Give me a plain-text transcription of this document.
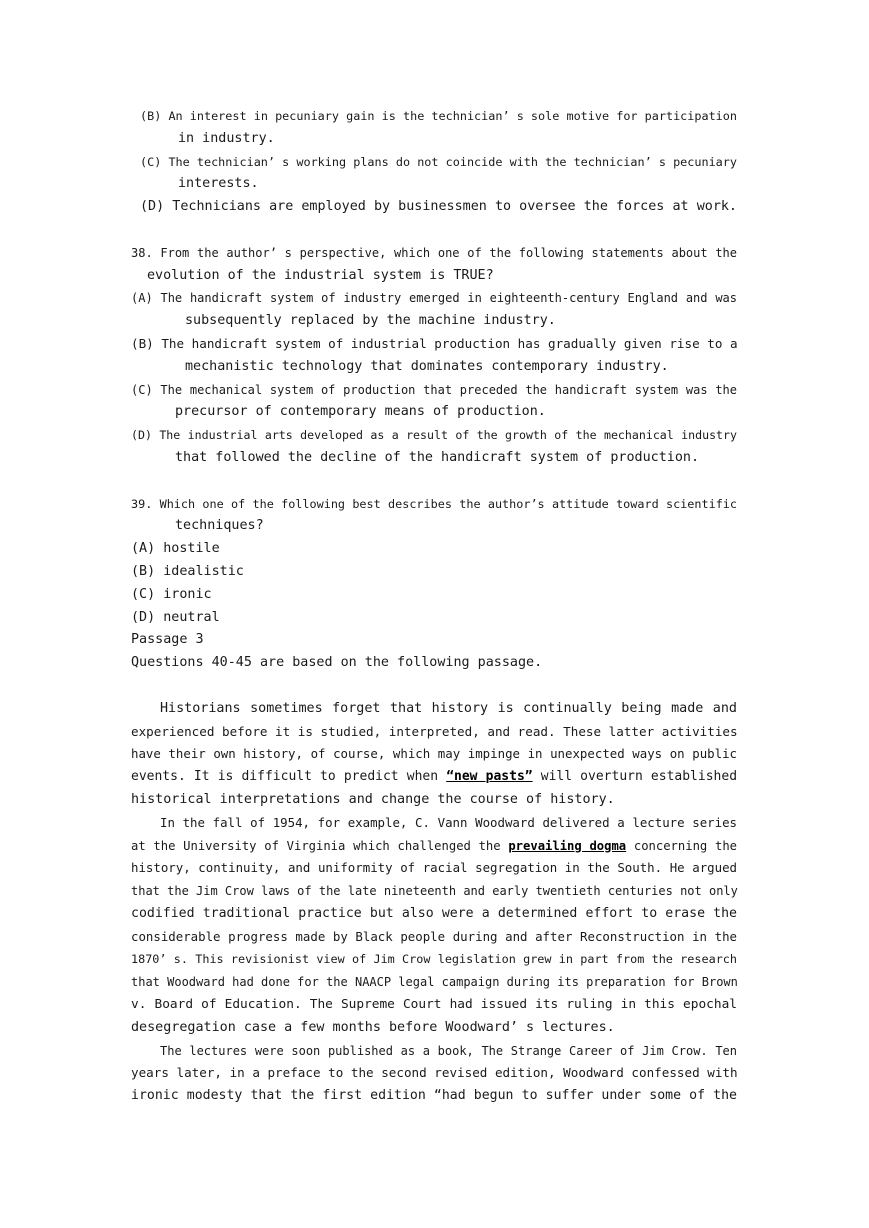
(B) An interest in pecuniary gain is the technician’ s sole motive for participation
in industry.
(C) The technician’ s working plans do not coincide with the technician’ s pecuniary
interests.
(D) Technicians are employed by businessmen to oversee the forces at work.
38. From the author’ s perspective, which one of the following statements about the
evolution of the industrial system is TRUE?
(A) The handicraft system of industry emerged in eighteenth-century England and was
subsequently replaced by the machine industry.
(B) The handicraft system of industrial production has gradually given rise to a
mechanistic technology that dominates contemporary industry.
(C) The mechanical system of production that preceded the handicraft system was the
precursor of contemporary means of production.
(D) The industrial arts developed as a result of the growth of the mechanical industry
that followed the decline of the handicraft system of production.
39. Which one of the following best describes the author’s attitude toward scientific
techniques?
(A) hostile
(B) idealistic
(C) ironic
(D) neutral
Passage 3
Questions 40-45 are based on the following passage.
Historians sometimes forget that history is continually being made and
experienced before it is studied, interpreted, and read. These latter activities
have their own history, of course, which may impinge in unexpected ways on public
events. It is difficult to predict when “new pasts” will overturn established
historical interpretations and change the course of history.
In the fall of 1954, for example, C. Vann Woodward delivered a lecture series
at the University of Virginia which challenged the prevailing dogma concerning the
history, continuity, and uniformity of racial segregation in the South. He argued
that the Jim Crow laws of the late nineteenth and early twentieth centuries not only
codified traditional practice but also were a determined effort to erase the
considerable progress made by Black people during and after Reconstruction in the
1870’ s. This revisionist view of Jim Crow legislation grew in part from the research
that Woodward had done for the NAACP legal campaign during its preparation for Brown
v. Board of Education. The Supreme Court had issued its ruling in this epochal
desegregation case a few months before Woodward’ s lectures.
The lectures were soon published as a book, The Strange Career of Jim Crow. Ten
years later, in a preface to the second revised edition, Woodward confessed with
ironic modesty that the first edition “had begun to suffer under some of the
